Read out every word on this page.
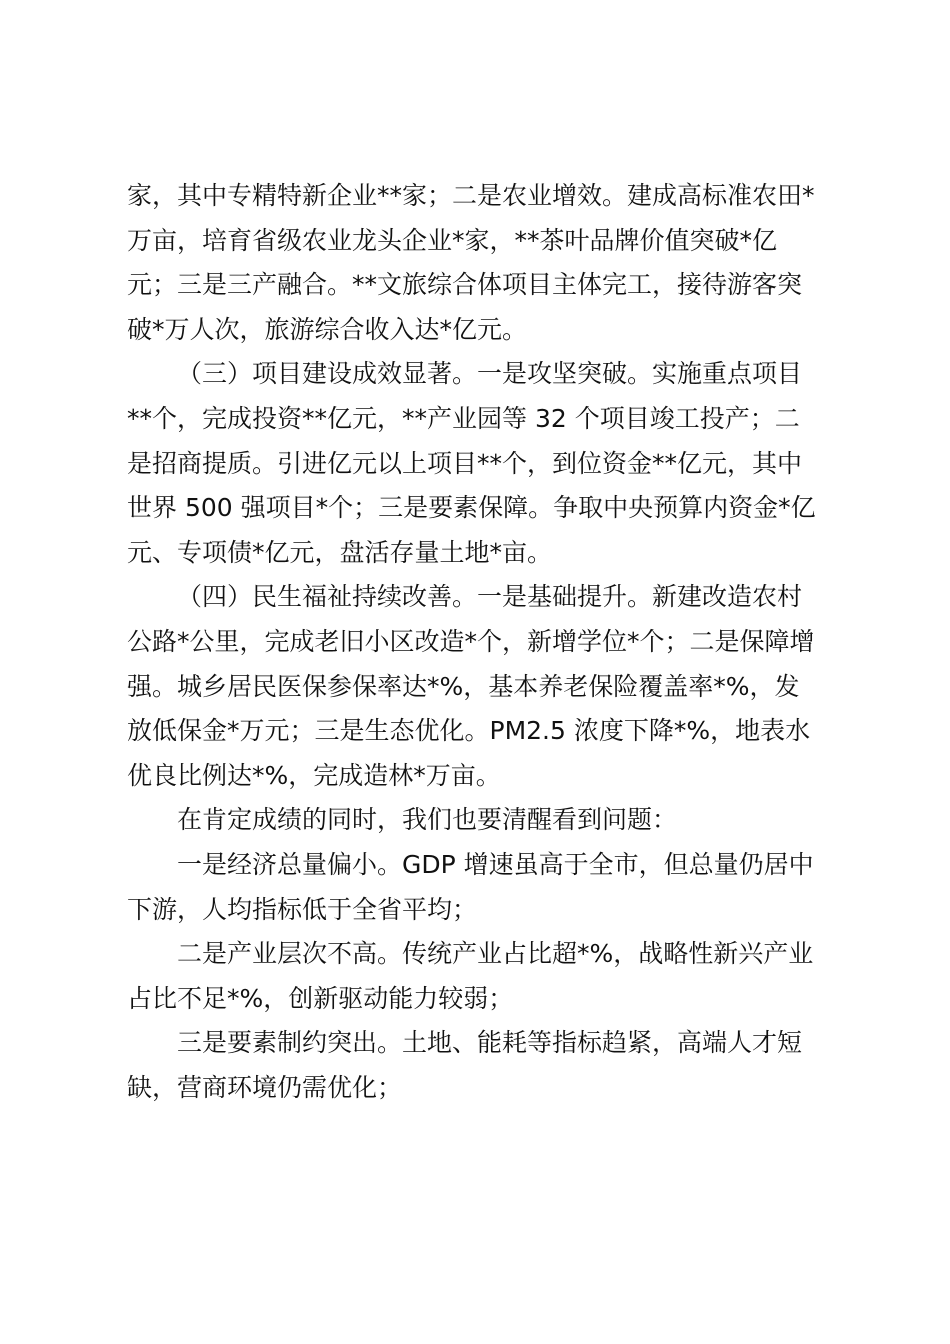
家，其中专精特新企业**家；二是农业增效。建成高标准农田*
万亩，培育省级农业龙头企业*家，**茶叶品牌价值突破*亿
元；三是三产融合。**文旅综合体项目主体完工，接待游客突
破*万人次，旅游综合收入达*亿元。
（三）项目建设成效显著。一是攻坚突破。实施重点项目
**个，完成投资**亿元，**产业园等 32 个项目竣工投产；二
是招商提质。引进亿元以上项目**个，到位资金**亿元，其中
世界 500 强项目*个；三是要素保障。争取中央预算内资金*亿
元、专项债*亿元，盘活存量土地*亩。
（四）民生福祉持续改善。一是基础提升。新建改造农村
公路*公里，完成老旧小区改造*个，新增学位*个；二是保障增
强。城乡居民医保参保率达*%，基本养老保险覆盖率*%，发
放低保金*万元；三是生态优化。PM2.5 浓度下降*%，地表水
优良比例达*%，完成造林*万亩。
在肯定成绩的同时，我们也要清醒看到问题：
一是经济总量偏小。GDP 增速虽高于全市，但总量仍居中
下游，人均指标低于全省平均；
二是产业层次不高。传统产业占比超*%，战略性新兴产业
占比不足*%，创新驱动能力较弱；
三是要素制约突出。土地、能耗等指标趋紧，高端人才短
缺，营商环境仍需优化；
